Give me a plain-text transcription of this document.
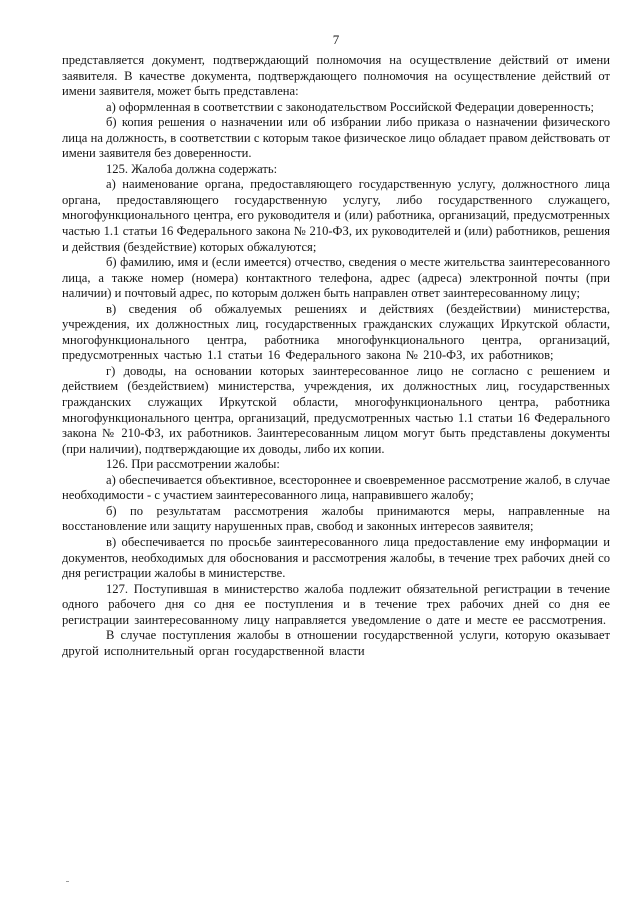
7

представляется документ, подтверждающий полномочия на осуществление действий от имени заявителя. В качестве документа, подтверждающего полномочия на осуществление действий от имени заявителя, может быть представлена:

а) оформленная в соответствии с законодательством Российской Федерации доверенность;

б) копия решения о назначении или об избрании либо приказа о назначении физического лица на должность, в соответствии с которым такое физическое лицо обладает правом действовать от имени заявителя без доверенности.

125. Жалоба должна содержать:

а) наименование органа, предоставляющего государственную услугу, должностного лица органа, предоставляющего государственную услугу, либо государственного служащего, многофункционального центра, его руководителя и (или) работника, организаций, предусмотренных частью 1.1 статьи 16 Федерального закона № 210-ФЗ, их руководителей и (или) работников, решения и действия (бездействие) которых обжалуются;

б) фамилию, имя и (если имеется) отчество, сведения о месте жительства заинтересованного лица, а также номер (номера) контактного телефона, адрес (адреса) электронной почты (при наличии) и почтовый адрес, по которым должен быть направлен ответ заинтересованному лицу;

в) сведения об обжалуемых решениях и действиях (бездействии) министерства, учреждения, их должностных лиц, государственных гражданских служащих Иркутской области, многофункционального центра, работника многофункционального центра, организаций, предусмотренных частью 1.1 статьи 16 Федерального закона № 210-ФЗ, их работников;

г) доводы, на основании которых заинтересованное лицо не согласно с решением и действием (бездействием) министерства, учреждения, их должностных лиц, государственных гражданских служащих Иркутской области, многофункционального центра, работника многофункционального центра, организаций, предусмотренных частью 1.1 статьи 16 Федерального закона № 210-ФЗ, их работников. Заинтересованным лицом могут быть представлены документы (при наличии), подтверждающие их доводы, либо их копии.

126. При рассмотрении жалобы:

а) обеспечивается объективное, всестороннее и своевременное рассмотрение жалоб, в случае необходимости - с участием заинтересованного лица, направившего жалобу;

б) по результатам рассмотрения жалобы принимаются меры, направленные на восстановление или защиту нарушенных прав, свобод и законных интересов заявителя;

в) обеспечивается по просьбе заинтересованного лица предоставление ему информации и документов, необходимых для обоснования и рассмотрения жалобы, в течение трех рабочих дней со дня регистрации жалобы в министерстве.

127. Поступившая в министерство жалоба подлежит обязательной регистрации в течение одного рабочего дня со дня ее поступления и в течение трех рабочих дней со дня ее регистрации заинтересованному лицу направляется уведомление о дате и месте ее рассмотрения.

В случае поступления жалобы в отношении государственной услуги, которую оказывает другой исполнительный орган государственной власти
